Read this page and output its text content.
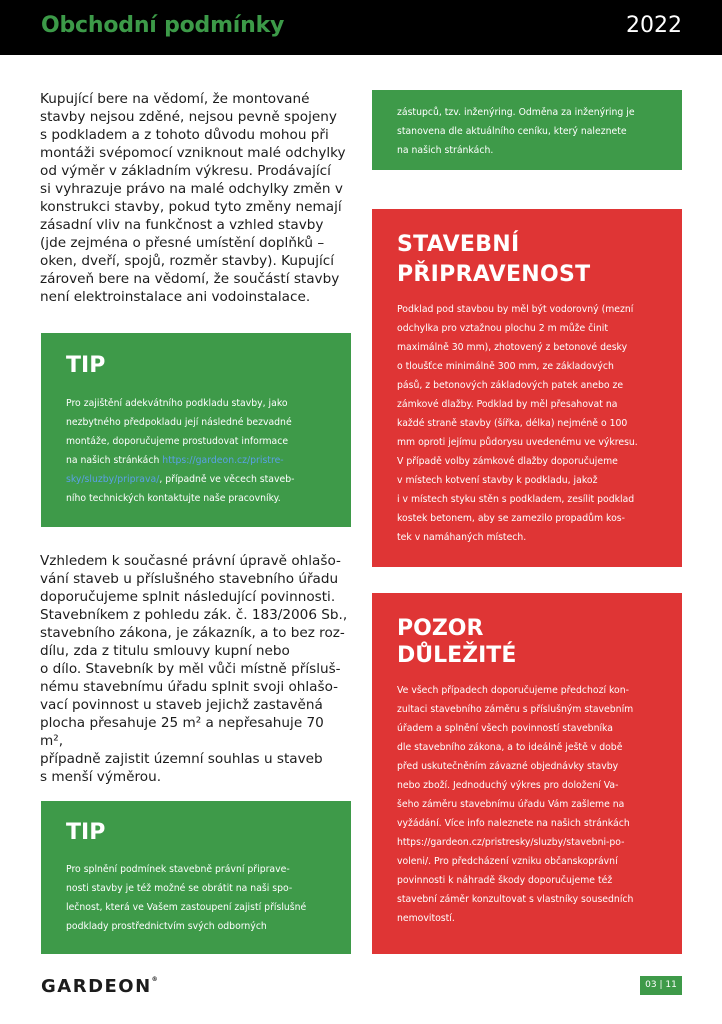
Obchodní podmínky	2022
Kupující bere na vědomí, že montované
stavby nejsou zděné, nejsou pevně spojeny
s podkladem a z tohoto důvodu mohou při
montáži svépomocí vzniknout malé odchylky
od výměr v základním výkresu. Prodávající
si vyhrazuje právo na malé odchylky změn v
konstrukci stavby, pokud tyto změny nemají
zásadní vliv na funkčnost a vzhled stavby
(jde zejména o přesné umístění doplňků –
oken, dveří, spojů, rozměr stavby). Kupující
zároveň bere na vědomí, že součástí stavby
není elektroinstalace ani vodoinstalace.
TIP
Pro zajištění adekvátního podkladu stavby, jako
nezbytného předpokladu její následné bezvadné
montáže, doporučujeme prostudovat informace
na našich stránkách https://gardeon.cz/pristre-
sky/sluzby/priprava/, případně ve věcech staveb-
ního technických kontaktujte naše pracovníky.
Vzhledem k současné právní úpravě ohlašo-
vání staveb u příslušného stavebního úřadu
doporučujeme splnit následující povinnosti.
Stavebníkem z pohledu zák. č. 183/2006 Sb.,
stavebního zákona, je zákazník, a to bez roz-
dílu, zda z titulu smlouvy kupní nebo
o dílo. Stavebník by měl vůči místně přísluš-
nému stavebnímu úřadu splnit svoji ohlašo-
vací povinnost u staveb jejichž zastavěná
plocha přesahuje 25 m² a nepřesahuje 70 m²,
případně zajistit územní souhlas u staveb
s menší výměrou.
TIP
Pro splnění podmínek stavebně právní připrave-
nosti stavby je též možné se obrátit na naši spo-
lečnost, která ve Vašem zastoupení zajistí příslušné
podklady prostřednictvím svých odborných
zástupců, tzv. inženýring. Odměna za inženýring je
stanovena dle aktuálního ceníku, který naleznete
na našich stránkách.
STAVEBNÍ
PŘIPRAVENOST
Podklad pod stavbou by měl být vodorovný (mezní
odchylka pro vztažnou plochu 2 m může činit
maximálně 30 mm), zhotovený z betonové desky
o tloušťce minimálně 300 mm, ze základových
pásů, z betonových základových patek anebo ze
zámkové dlažby. Podklad by měl přesahovat na
každé straně stavby (šířka, délka) nejméně o 100
mm oproti jejímu půdorysu uvedenému ve výkresu.
V případě volby zámkové dlažby doporučujeme
v místech kotvení stavby k podkladu, jakož
i v místech styku stěn s podkladem, zesílit podklad
kostek betonem, aby se zamezilo propadům kos-
tek v namáhaných místech.
POZOR
DŮLEŽITÉ
Ve všech případech doporučujeme předchozí kon-
zultaci stavebního záměru s příslušným stavebním
úřadem a splnění všech povinností stavebníka
dle stavebního zákona, a to ideálně ještě v době
před uskutečněním závazné objednávky stavby
nebo zboží. Jednoduchý výkres pro doložení Va-
šeho záměru stavebnímu úřadu Vám zašleme na
vyžádání. Více info naleznete na našich stránkách
https://gardeon.cz/pristresky/sluzby/stavebni-po-
voleni/. Pro předcházení vzniku občanskoprávní
povinnosti k náhradě škody doporučujeme též
stavební záměr konzultovat s vlastníky sousedních
nemovitostí.
GARDEON®
03 | 11
